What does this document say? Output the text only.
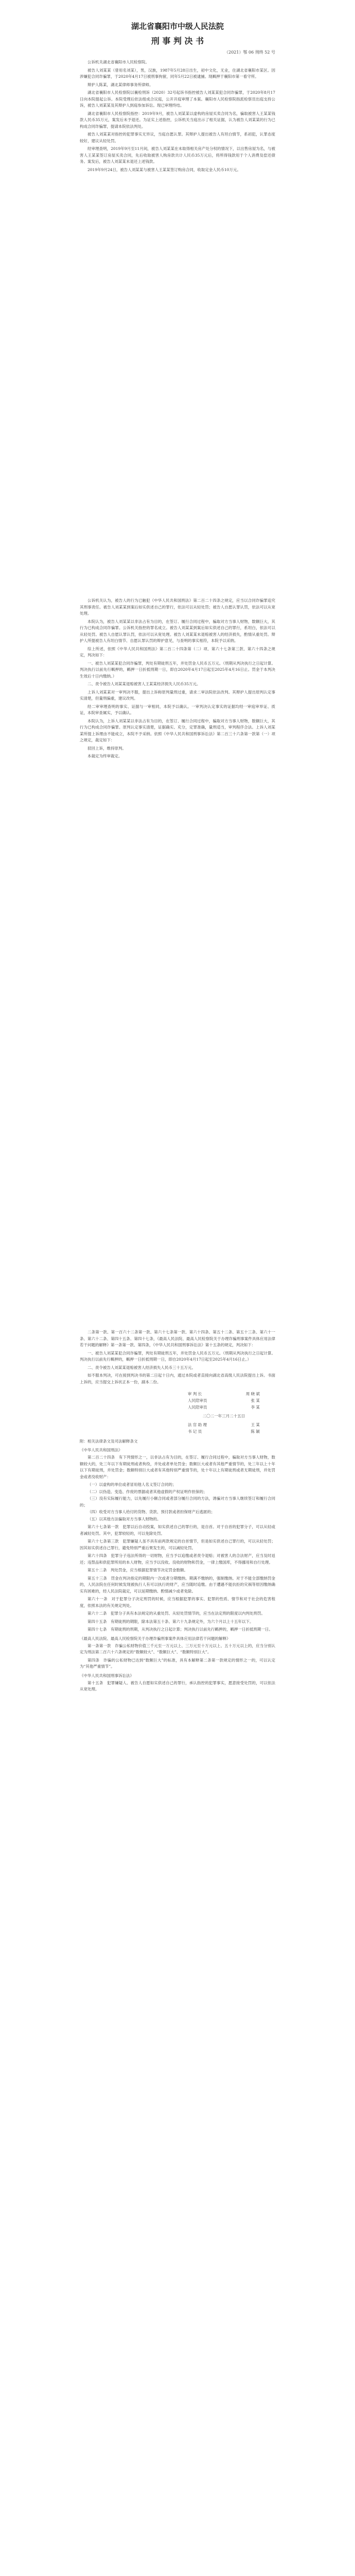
湖北省襄阳市中级人民法院
刑 事 判 决 书
（2021）鄂 06 刑终 52 号

公诉机关湖北省襄阳市人民检察院。

被告人刘某某（曾用名刘某），男，汉族，1987年5月28日出生，初中文化，无业，住湖北省襄阳市某区。因涉嫌犯合同诈骗罪，于2020年4月17日被刑事拘留，同年5月22日被逮捕。现羁押于襄阳市第一看守所。

辩护人陈某，湖北某律师事务所律师。

湖北省襄阳市人民检察院以襄检刑诉（2020）32号起诉书指控被告人刘某某犯合同诈骗罪，于2020年8月17日向本院提起公诉。本院受理后依法组成合议庭，公开开庭审理了本案。襄阳市人民检察院指派检察员出庭支持公诉，被告人刘某某及其辩护人到庭参加诉讼。现已审理终结。

湖北省襄阳市人民检察院指控：2019年9月，被告人刘某某以虚构的房屋买卖合同为名，骗取被害人王某某钱款人民币35万元，案发后未予退还。为证实上述指控，公诉机关当庭出示了相关证据，认为被告人刘某某的行为已构成合同诈骗罪，提请本院依法判处。

被告人刘某某对指控的犯罪事实无异议，当庭自愿认罪。其辩护人提出被告人有坦白情节，系初犯，认罪态度较好，建议从轻处罚。

经审理查明，2019年9月至11月间，被告人刘某某在未取得相关房产处分权的情况下，以出售房屋为名，与被害人王某某签订房屋买卖合同，先后收取被害人购房款共计人民币35万元后，将所得钱款用于个人消费及偿还债务。案发后，被告人刘某某未退还上述钱款。

2019年9月24日，被告人刘某某与被害人王某某签订购房合同，收取定金人民币10万元。

公诉机关认为，被告人的行为已触犯《中华人民共和国刑法》第二百二十四条之规定，应当以合同诈骗罪追究其刑事责任。被告人刘某某到案后如实供述自己的罪行，依法可以从轻处罚；被告人自愿认罪认罚，依法可以从宽处理。

本院认为，被告人刘某某以非法占有为目的，在签订、履行合同过程中，骗取对方当事人财物，数额巨大，其行为已构成合同诈骗罪。公诉机关指控的罪名成立。被告人刘某某到案后如实供述自己的罪行，系坦白，依法可以从轻处罚。被告人自愿认罪认罚，依法可以从宽处理。被告人刘某某未退赔被害人的经济损失，酌情从重处罚。辩护人所提被告人有坦白情节、自愿认罪认罚的辩护意见，与查明的事实相符，本院予以采纳。

综上所述，依照《中华人民共和国刑法》第二百二十四条第（二）项、第六十七条第三款、第六十四条之规定，判决如下：

一、被告人刘某某犯合同诈骗罪，判处有期徒刑五年，并处罚金人民币五万元。（刑期从判决执行之日起计算。判决执行以前先行羁押的，羁押一日折抵刑期一日，即自2020年4月17日起至2025年4月16日止。罚金于本判决生效后十日内缴纳。）

二、责令被告人刘某某退赔被害人王某某经济损失人民币35万元。

上诉人刘某某对一审判决不服，提出上诉称原判量刑过重，请求二审法院依法改判。其辩护人提出原判认定事实清楚，但量刑偏重，建议改判。

经二审审理查明的事实、证据与一审相同，本院予以确认。一审判决认定事实的证据均经一审庭审举证、质证，本院审查属实，予以确认。

本院认为，上诉人刘某某以非法占有为目的，在签订、履行合同过程中，骗取对方当事人财物，数额巨大，其行为已构成合同诈骗罪。原判认定事实清楚，证据确实、充分，定罪准确，量刑适当，审判程序合法。上诉人刘某某所提上诉理由不能成立，本院不予采纳。依照《中华人民共和国刑事诉讼法》第二百三十六条第一款第（一）项之规定，裁定如下：

驳回上诉，维持原判。

本裁定为终审裁定。

二条第一款、第一百六十二条第一款、第六十七条第一款、第六十四条、第五十二条、第五十三条、第六十一条、第六十二条、第四十五条、第四十七条，《最高人民法院、最高人民检察院关于办理诈骗刑事案件具体应用法律若干问题的解释》第一条第一款、第四条，《中华人民共和国刑事诉讼法》第十五条的规定，判决如下：

一、被告人刘某某犯合同诈骗罪，判处有期徒刑五年，并处罚金人民币五万元。（刑期从判决执行之日起计算。判决执行以前先行羁押的，羁押一日折抵刑期一日，即自2020年4月17日起至2025年4月16日止。）

二、责令被告人刘某某退赔被害人经济损失人民币三十五万元。

如不服本判决，可在接到判决书的第二日起十日内，通过本院或者直接向湖北省高级人民法院提出上诉。书面上诉的，应当提交上诉状正本一份，副本二份。

审 判 长	周 晓 斌
人民陪审员	张 某
人民陪审员	李 某
二〇二一年三月二十五日
法 官 助 理	王 某
书 记 员	陈 颖
附：相关法律条文及司法解释条文
《中华人民共和国刑法》

第二百二十四条　有下列情形之一，以非法占有为目的，在签订、履行合同过程中，骗取对方当事人财物，数额较大的，处三年以下有期徒刑或者拘役，并处或者单处罚金；数额巨大或者有其他严重情节的，处三年以上十年以下有期徒刑，并处罚金；数额特别巨大或者有其他特别严重情节的，处十年以上有期徒刑或者无期徒刑，并处罚金或者没收财产：

（一）以虚构的单位或者冒用他人名义签订合同的；

（二）以伪造、变造、作废的票据或者其他虚假的产权证明作担保的；

（三）没有实际履行能力，以先履行小额合同或者部分履行合同的方法，诱骗对方当事人继续签订和履行合同的；

（四）收受对方当事人给付的货物、货款、预付款或者担保财产后逃匿的；

（五）以其他方法骗取对方当事人财物的。

第六十七条第一款　犯罪以后自动投案，如实供述自己的罪行的，是自首。对于自首的犯罪分子，可以从轻或者减轻处罚。其中，犯罪较轻的，可以免除处罚。

第六十七条第三款　犯罪嫌疑人虽不具有前两款规定的自首情节，但是如实供述自己罪行的，可以从轻处罚；因其如实供述自己罪行，避免特别严重后果发生的，可以减轻处罚。

第六十四条　犯罪分子违法所得的一切财物，应当予以追缴或者责令退赔；对被害人的合法财产，应当及时返还；违禁品和供犯罪所用的本人财物，应当予以没收。没收的财物和罚金，一律上缴国库，不得挪用和自行处理。

第五十二条　判处罚金，应当根据犯罪情节决定罚金数额。

第五十三条　罚金在判决指定的期限内一次或者分期缴纳。期满不缴纳的，强制缴纳。对于不能全部缴纳罚金的，人民法院在任何时候发现被执行人有可以执行的财产，应当随时追缴。由于遭遇不能抗拒的灾祸等原因缴纳确实有困难的，经人民法院裁定，可以延期缴纳、酌情减少或者免除。

第六十一条　对于犯罪分子决定刑罚的时候，应当根据犯罪的事实、犯罪的性质、情节和对于社会的危害程度，依照本法的有关规定判处。

第六十二条　犯罪分子具有本法规定的从重处罚、从轻处罚情节的，应当在法定刑的限度以内判处刑罚。

第四十五条　有期徒刑的期限，除本法第五十条、第六十九条规定外，为六个月以上十五年以下。

第四十七条　有期徒刑的刑期，从判决执行之日起计算；判决执行以前先行羁押的，羁押一日折抵刑期一日。

《最高人民法院、最高人民检察院关于办理诈骗刑事案件具体应用法律若干问题的解释》

第一条第一款　诈骗公私财物价值三千元至一万元以上、三万元至十万元以上、五十万元以上的，应当分别认定为刑法第二百六十六条规定的“数额较大”、“数额巨大”、“数额特别巨大”。

第四条　诈骗的公私财物已达到“数额巨大”的标准，具有本解释第二条第一款规定的情形之一的，可以认定为“其他严重情节”。

《中华人民共和国刑事诉讼法》

第十五条　犯罪嫌疑人、被告人自愿如实供述自己的罪行，承认指控的犯罪事实，愿意接受处罚的，可以依法从宽处理。
